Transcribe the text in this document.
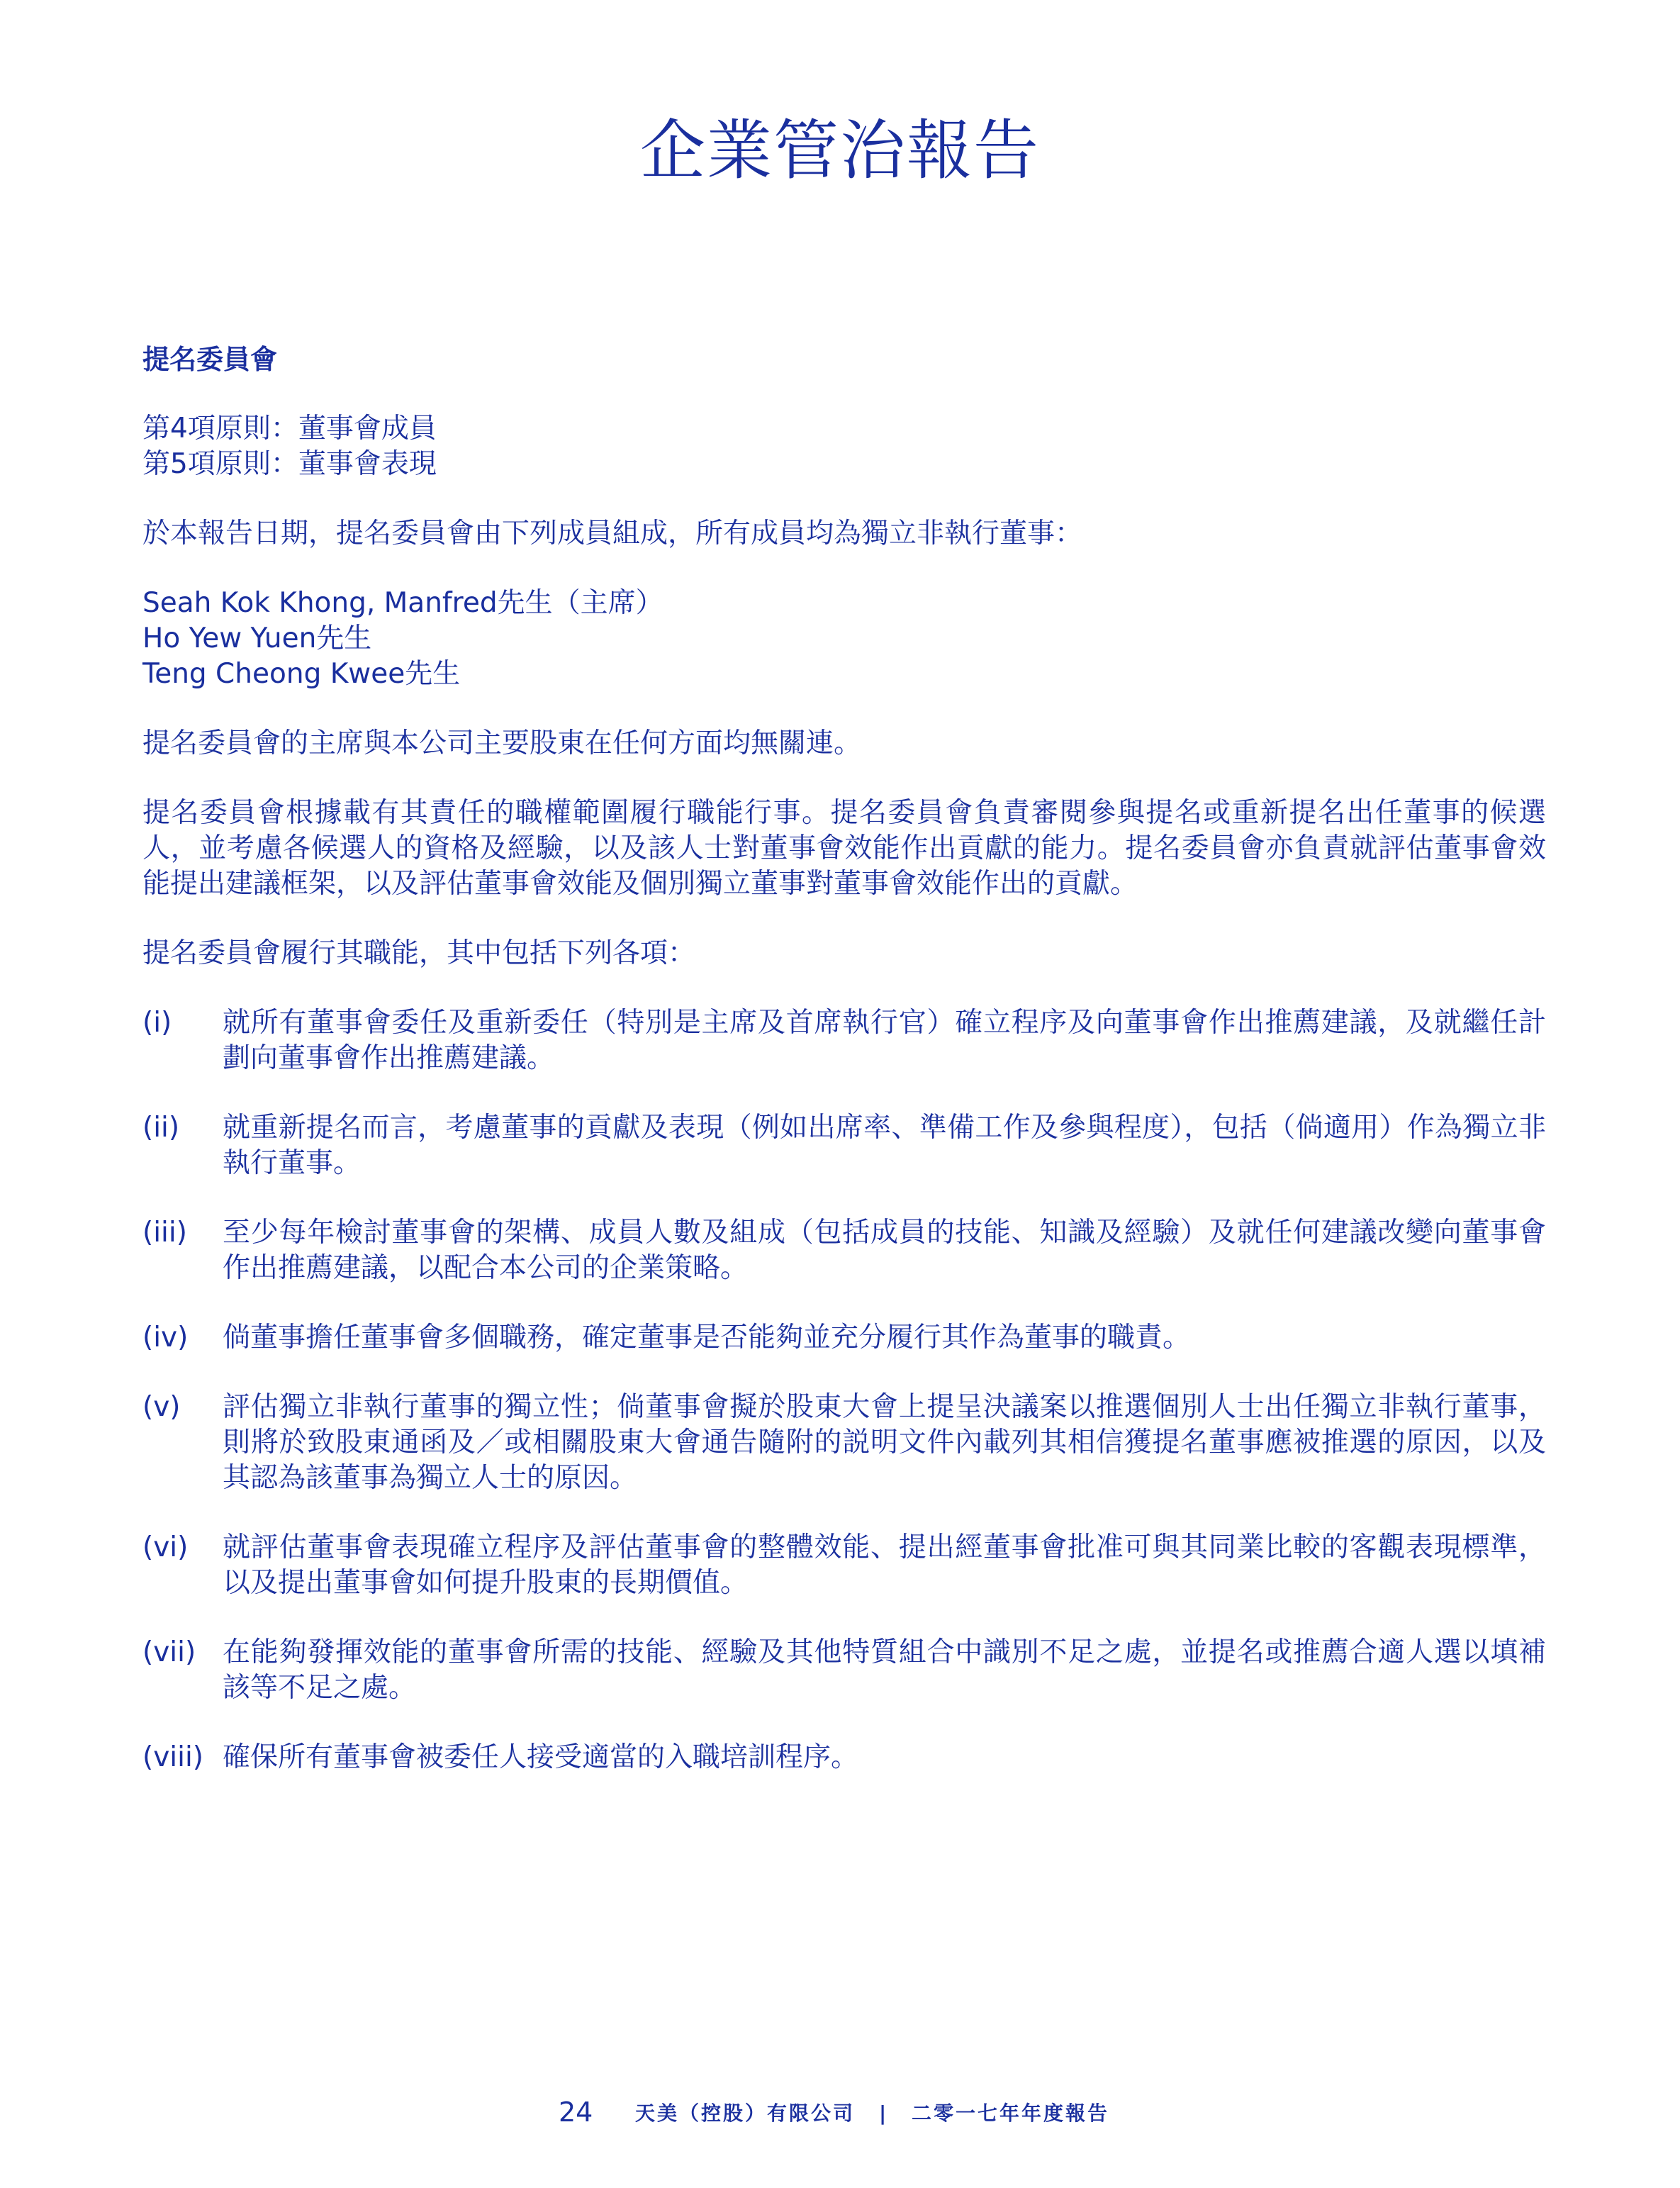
企業管治報告
提名委員會

第4項原則：董事會成員

第5項原則：董事會表現

於本報告日期，提名委員會由下列成員組成，所有成員均為獨立非執行董事：

Seah Kok Khong, Manfred先生（主席）

Ho Yew Yuen先生

Teng Cheong Kwee先生

提名委員會的主席與本公司主要股東在任何方面均無關連。

提名委員會根據載有其責任的職權範圍履行職能行事。提名委員會負責審閱參與提名或重新提名出任董事的候選人，並考慮各候選人的資格及經驗，以及該人士對董事會效能作出貢獻的能力。提名委員會亦負責就評估董事會效能提出建議框架，以及評估董事會效能及個別獨立董事對董事會效能作出的貢獻。

提名委員會履行其職能，其中包括下列各項：

(i)	就所有董事會委任及重新委任（特別是主席及首席執行官）確立程序及向董事會作出推薦建議，及就繼任計劃向董事會作出推薦建議。
(ii)	就重新提名而言，考慮董事的貢獻及表現（例如出席率、準備工作及參與程度），包括（倘適用）作為獨立非執行董事。
(iii)	至少每年檢討董事會的架構、成員人數及組成（包括成員的技能、知識及經驗）及就任何建議改變向董事會作出推薦建議，以配合本公司的企業策略。
(iv)	倘董事擔任董事會多個職務，確定董事是否能夠並充分履行其作為董事的職責。
(v)	評估獨立非執行董事的獨立性；倘董事會擬於股東大會上提呈決議案以推選個別人士出任獨立非執行董事，則將於致股東通函及／或相關股東大會通告隨附的説明文件內載列其相信獲提名董事應被推選的原因，以及其認為該董事為獨立人士的原因。
(vi)	就評估董事會表現確立程序及評估董事會的整體效能、提出經董事會批准可與其同業比較的客觀表現標準，以及提出董事會如何提升股東的長期價值。
(vii) 在能夠發揮效能的董事會所需的技能、經驗及其他特質組合中識別不足之處，並提名或推薦合適人選以填補該等不足之處。
(viii) 確保所有董事會被委任人接受適當的入職培訓程序。
24 天美（控股）有限公司 | 二零一七年年度報告
